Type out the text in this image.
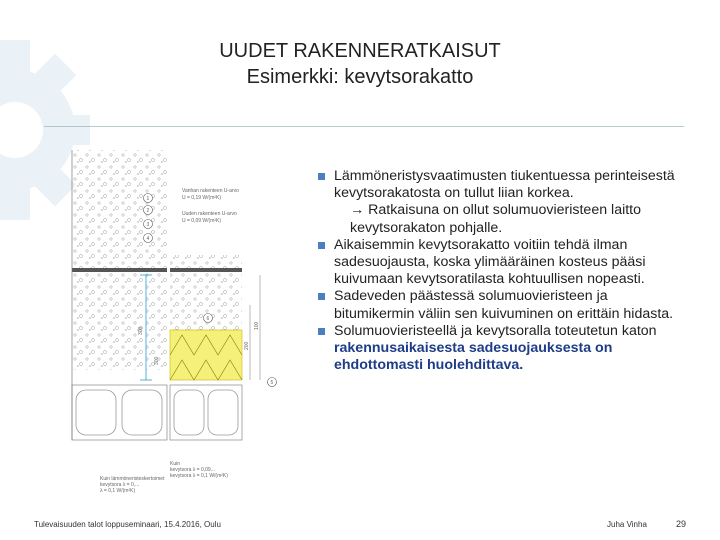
UUDET RAKENNERATKAISUT
Esimerkki: kevytsorakatto
300
200
100
300
1
2
3
4
5
6
Vanhan rakenteen U-arvo
U = 0,19 W/(m²K)
Uuden rakenteen U-arvo
U = 0,09 W/(m²K)
Kuin lämmöneristeskertoimet
kevytsora λ = 0,...
λ = 0,1 W/(m²K)
Kuin
kevytsora λ = 0,09...
kevytsora λ = 0,1 W/(m²K)
Lämmöneristysvaatimusten tiukentuessa perinteisestä kevytsorakatosta on tullut liian korkea.
→ Ratkaisuna on ollut solumuovieristeen laitto kevytsorakaton pohjalle.
Aikaisemmin kevytsorakatto voitiin tehdä ilman sadesuojausta, koska ylimääräinen kosteus pääsi kuivumaan kevytsoratilasta kohtuullisen nopeasti.
Sadeveden päästessä solumuovieristeen ja bitumikermin väliin sen kuivuminen on erittäin hidasta.
Solumuovieristeellä ja kevytsoralla toteutetun katon rakennusaikaisesta sadesuojauksesta on ehdottomasti huolehdittava.
Tulevaisuuden talot loppuseminaari, 15.4.2016, Oulu	Juha Vinha	29
